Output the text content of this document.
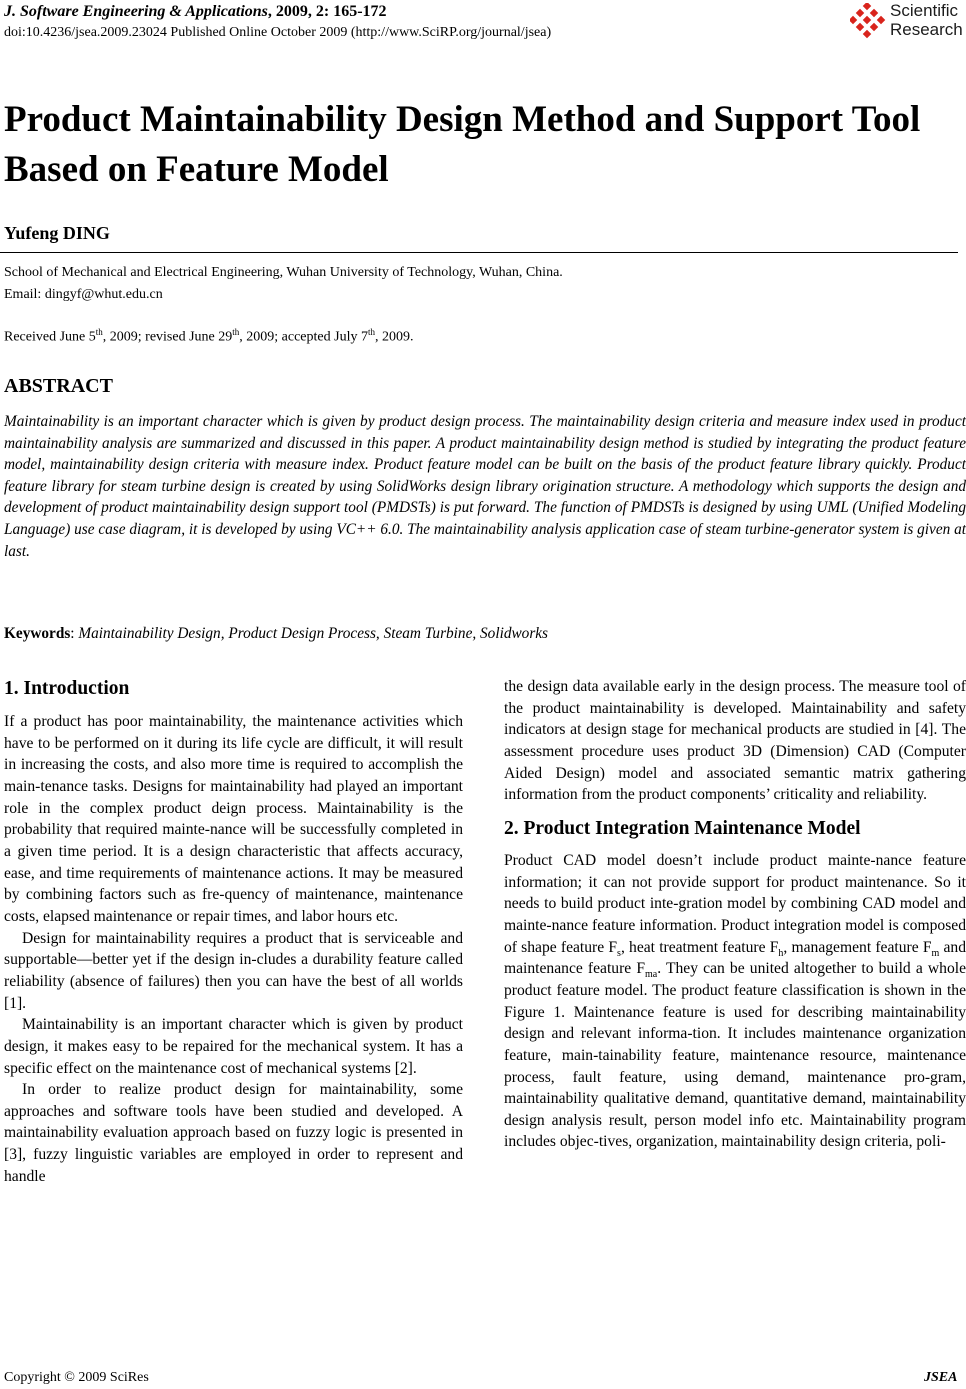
J. Software Engineering & Applications, 2009, 2: 165-172
doi:10.4236/jsea.2009.23024 Published Online October 2009 (http://www.SciRP.org/journal/jsea)
Scientific
Research
Product Maintainability Design Method and Support Tool Based on Feature Model
Yufeng DING
School of Mechanical and Electrical Engineering, Wuhan University of Technology, Wuhan, China.
Email: dingyf@whut.edu.cn
Received June 5th, 2009; revised June 29th, 2009; accepted July 7th, 2009.
ABSTRACT

Maintainability is an important character which is given by product design process. The maintainability design criteria and measure index used in product maintainability analysis are summarized and discussed in this paper. A product maintainability design method is studied by integrating the product feature model, maintainability design criteria with measure index. Product feature model can be built on the basis of the product feature library quickly. Product feature library for steam turbine design is created by using SolidWorks design library origination structure. A methodology which supports the design and development of product maintainability design support tool (PMDSTs) is put forward. The function of PMDSTs is designed by using UML (Unified Modeling Language) use case diagram, it is developed by using VC++ 6.0. The maintainability analysis application case of steam turbine-generator system is given at last.

Keywords: Maintainability Design, Product Design Process, Steam Turbine, Solidworks
1. Introduction

If a product has poor maintainability, the maintenance activities which have to be performed on it during its life cycle are difficult, it will result in increasing the costs, and also more time is required to accomplish the main-tenance tasks. Designs for maintainability had played an important role in the complex product deign process. Maintainability is the probability that required mainte-nance will be successfully completed in a given time period. It is a design characteristic that affects accuracy, ease, and time requirements of maintenance actions. It may be measured by combining factors such as fre-quency of maintenance, maintenance costs, elapsed maintenance or repair times, and labor hours etc.

Design for maintainability requires a product that is serviceable and supportable—better yet if the design in-cludes a durability feature called reliability (absence of failures) then you can have the best of all worlds [1].

Maintainability is an important character which is given by product design, it makes easy to be repaired for the mechanical system. It has a specific effect on the maintenance cost of mechanical systems [2].

In order to realize product design for maintainability, some approaches and software tools have been studied and developed. A maintainability evaluation approach based on fuzzy logic is presented in [3], fuzzy linguistic variables are employed in order to represent and handle

the design data available early in the design process. The measure tool of the product maintainability is developed. Maintainability and safety indicators at design stage for mechanical products are studied in [4]. The assessment procedure uses product 3D (Dimension) CAD (Computer Aided Design) model and associated semantic matrix gathering information from the product components’ criticality and reliability.

2. Product Integration Maintenance Model

Product CAD model doesn’t include product mainte-nance feature information; it can not provide support for product maintenance. So it needs to build product inte-gration model by combining CAD model and mainte-nance feature information. Product integration model is composed of shape feature $F_s$, heat treatment feature $F_h$, management feature $F_m$ and maintenance feature $F_{ma}$. They can be united altogether to build a whole product feature model. The product feature classification is shown in the Figure 1. Maintenance feature is used for describing maintainability design and relevant informa-tion. It includes maintenance organization feature, main-tainability feature, maintenance resource, maintenance process, fault feature, using demand, maintenance pro-gram, maintainability qualitative demand, quantitative demand, maintainability design analysis result, person model info etc. Maintainability program includes objec-tives, organization, maintainability design criteria, poli-

Copyright © 2009 SciRes	JSEA
